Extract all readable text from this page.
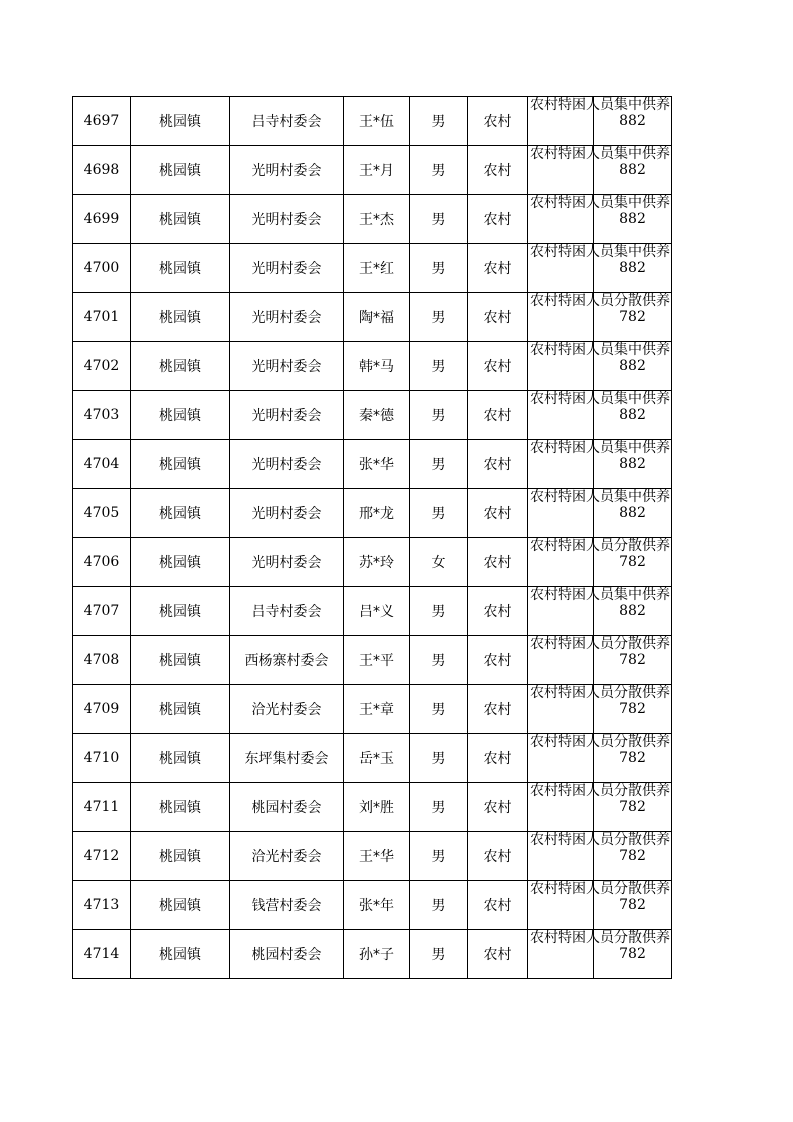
4697	桃园镇	吕寺村委会	王*伍	男	农村	农村特困人员集中供养	882
4698	桃园镇	光明村委会	王*月	男	农村	农村特困人员集中供养	882
4699	桃园镇	光明村委会	王*杰	男	农村	农村特困人员集中供养	882
4700	桃园镇	光明村委会	王*红	男	农村	农村特困人员集中供养	882
4701	桃园镇	光明村委会	陶*福	男	农村	农村特困人员分散供养	782
4702	桃园镇	光明村委会	韩*马	男	农村	农村特困人员集中供养	882
4703	桃园镇	光明村委会	秦*德	男	农村	农村特困人员集中供养	882
4704	桃园镇	光明村委会	张*华	男	农村	农村特困人员集中供养	882
4705	桃园镇	光明村委会	邢*龙	男	农村	农村特困人员集中供养	882
4706	桃园镇	光明村委会	苏*玲	女	农村	农村特困人员分散供养	782
4707	桃园镇	吕寺村委会	吕*义	男	农村	农村特困人员集中供养	882
4708	桃园镇	西杨寨村委会	王*平	男	农村	农村特困人员分散供养	782
4709	桃园镇	洽光村委会	王*章	男	农村	农村特困人员分散供养	782
4710	桃园镇	东坪集村委会	岳*玉	男	农村	农村特困人员分散供养	782
4711	桃园镇	桃园村委会	刘*胜	男	农村	农村特困人员分散供养	782
4712	桃园镇	洽光村委会	王*华	男	农村	农村特困人员分散供养	782
4713	桃园镇	钱营村委会	张*年	男	农村	农村特困人员分散供养	782
4714	桃园镇	桃园村委会	孙*子	男	农村	农村特困人员分散供养	782
